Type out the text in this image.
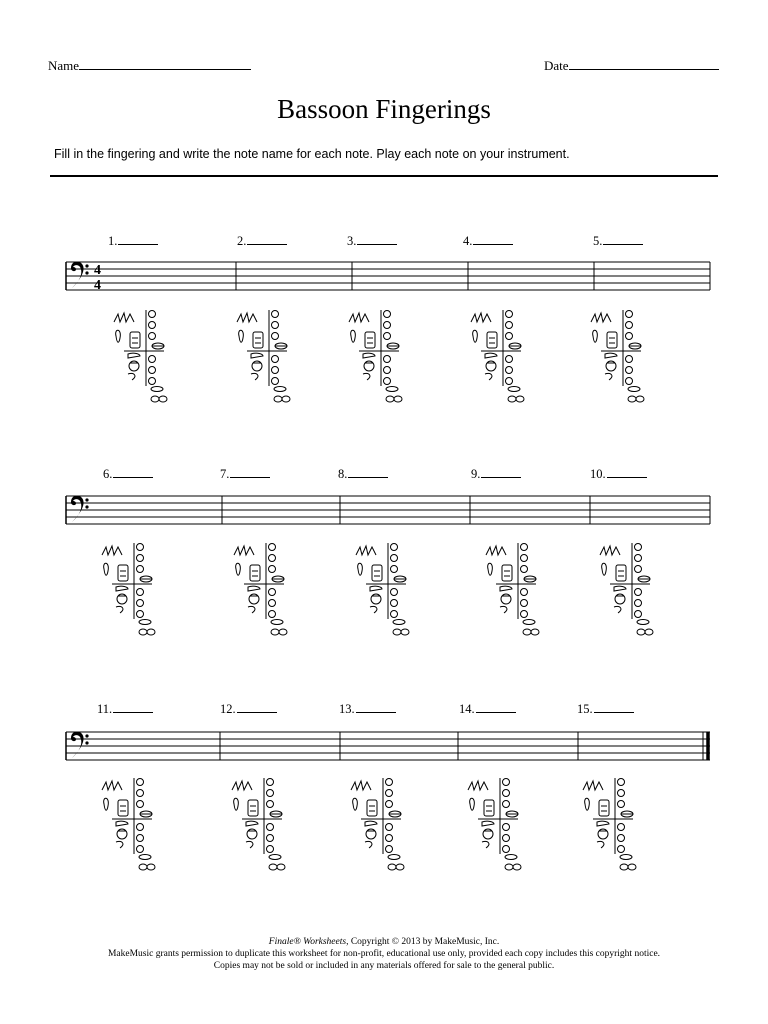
Name	Date
Bassoon Fingerings
Fill in the fingering and write the note name for each note. Play each note on your instrument.
1.	2.	3.	4.	5.
6.	7.	8.	9.	10.
11.	12.	13.	14.	15.
4
4
Finale® Worksheets, Copyright © 2013 by MakeMusic, Inc.
MakeMusic grants permission to duplicate this worksheet for non-profit, educational use only, provided each copy includes this copyright notice.
Copies may not be sold or included in any materials offered for sale to the general public.
